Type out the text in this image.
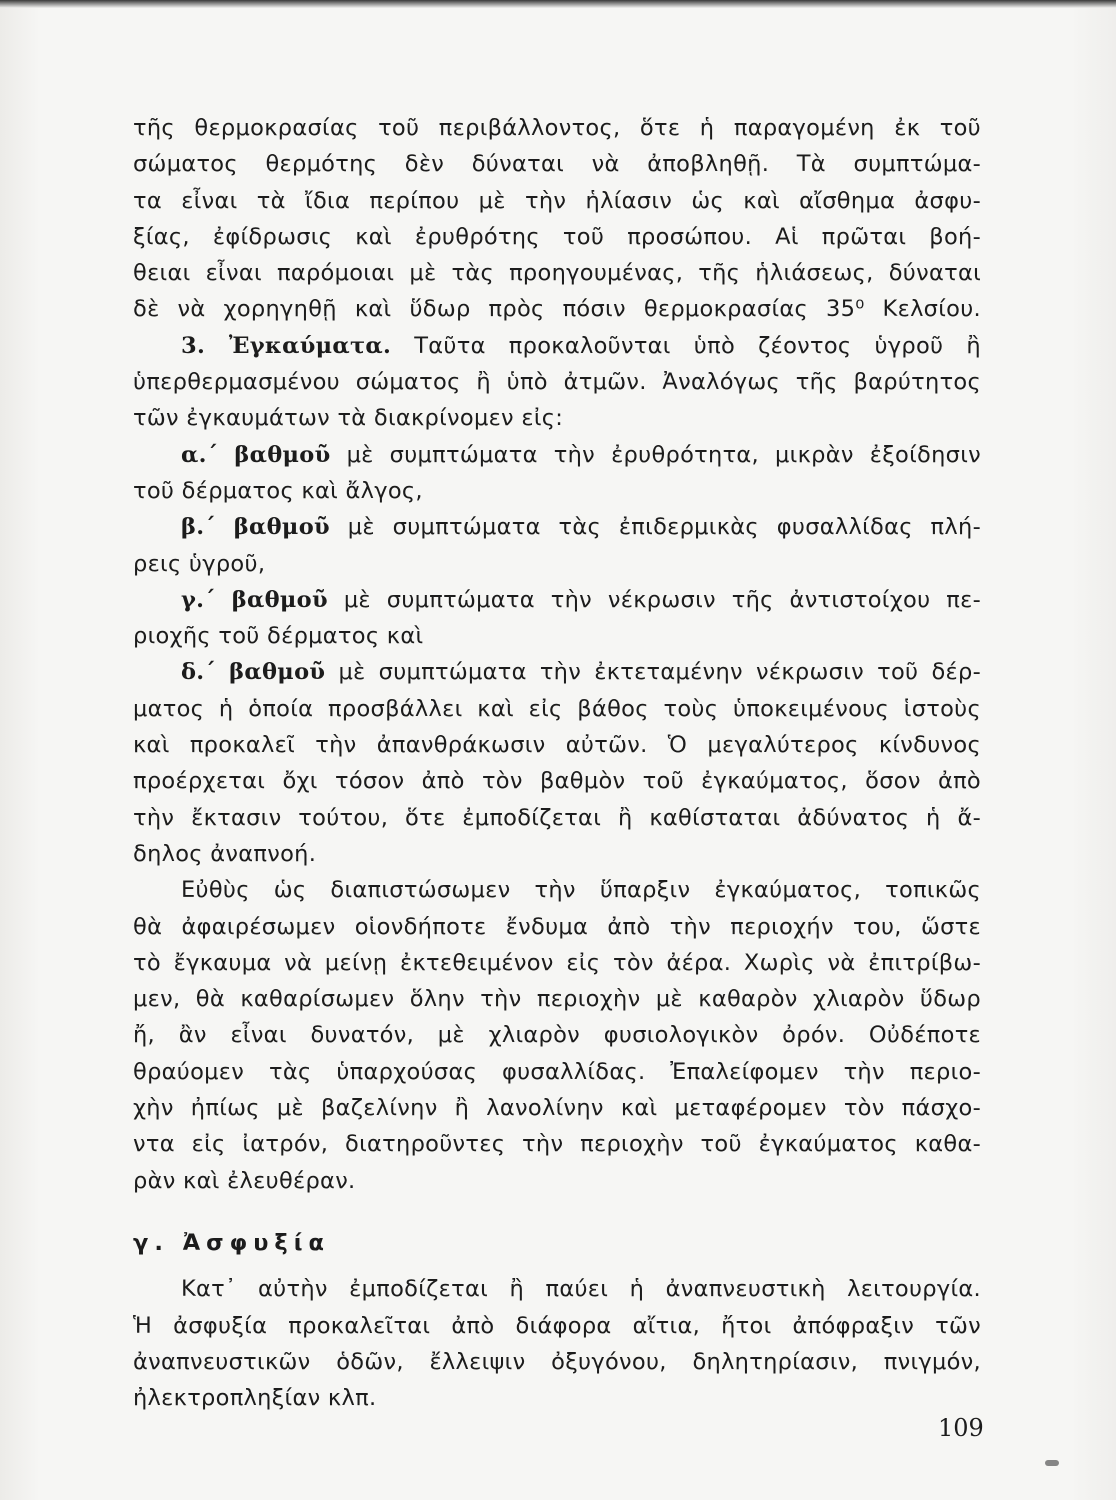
τῆς θερμοκρασίας τοῦ περιβάλλοντος, ὅτε ἡ παραγομένη ἐκ τοῦ
σώματος θερμότης δὲν δύναται νὰ ἀποβληθῇ. Τὰ συμπτώμα-
τα εἶναι τὰ ἴδια περίπου μὲ τὴν ἡλίασιν ὡς καὶ αἴσθημα ἀσφυ-
ξίας, ἐφίδρωσις καὶ ἐρυθρότης τοῦ προσώπου. Αἱ πρῶται βοή-
θειαι εἶναι παρόμοιαι μὲ τὰς προηγουμένας, τῆς ἡλιάσεως, δύναται
δὲ νὰ χορηγηθῇ καὶ ὕδωρ πρὸς πόσιν θερμοκρασίας 35⁰ Κελσίου.
3. Ἐγκαύματα. Ταῦτα προκαλοῦνται ὑπὸ ζέοντος ὑγροῦ ἢ
ὑπερθερμασμένου σώματος ἢ ὑπὸ ἀτμῶν. Ἀναλόγως τῆς βαρύτητος
τῶν ἐγκαυμάτων τὰ διακρίνομεν εἰς:
α.΄ βαθμοῦ μὲ συμπτώματα τὴν ἐρυθρότητα, μικρὰν ἐξοίδησιν
τοῦ δέρματος καὶ ἄλγος,
β.΄ βαθμοῦ μὲ συμπτώματα τὰς ἐπιδερμικὰς φυσαλλίδας πλή-
ρεις ὑγροῦ,
γ.΄ βαθμοῦ μὲ συμπτώματα τὴν νέκρωσιν τῆς ἀντιστοίχου πε-
ριοχῆς τοῦ δέρματος καὶ
δ.΄ βαθμοῦ μὲ συμπτώματα τὴν ἐκτεταμένην νέκρωσιν τοῦ δέρ-
ματος ἡ ὁποία προσβάλλει καὶ εἰς βάθος τοὺς ὑποκειμένους ἱστοὺς
καὶ προκαλεῖ τὴν ἀπανθράκωσιν αὐτῶν. Ὁ μεγαλύτερος κίνδυνος
προέρχεται ὄχι τόσον ἀπὸ τὸν βαθμὸν τοῦ ἐγκαύματος, ὅσον ἀπὸ
τὴν ἔκτασιν τούτου, ὅτε ἐμποδίζεται ἢ καθίσταται ἀδύνατος ἡ ἄ-
δηλος ἀναπνοή.
Εὐθὺς ὡς διαπιστώσωμεν τὴν ὕπαρξιν ἐγκαύματος, τοπικῶς
θὰ ἀφαιρέσωμεν οἱονδήποτε ἔνδυμα ἀπὸ τὴν περιοχήν του, ὥστε
τὸ ἔγκαυμα νὰ μείνῃ ἐκτεθειμένον εἰς τὸν ἀέρα. Χωρὶς νὰ ἐπιτρίβω-
μεν, θὰ καθαρίσωμεν ὅλην τὴν περιοχὴν μὲ καθαρὸν χλιαρὸν ὕδωρ
ἤ, ἂν εἶναι δυνατόν, μὲ χλιαρὸν φυσιολογικὸν ὀρόν. Οὐδέποτε
θραύομεν τὰς ὑπαρχούσας φυσαλλίδας. Ἐπαλείφομεν τὴν περιο-
χὴν ἠπίως μὲ βαζελίνην ἢ λανολίνην καὶ μεταφέρομεν τὸν πάσχο-
ντα εἰς ἰατρόν, διατηροῦντες τὴν περιοχὴν τοῦ ἐγκαύματος καθα-
ρὰν καὶ ἐλευθέραν.
γ. Ἀσφυξία
Κατ᾽ αὐτὴν ἐμποδίζεται ἢ παύει ἡ ἀναπνευστικὴ λειτουργία.
Ἡ ἀσφυξία προκαλεῖται ἀπὸ διάφορα αἴτια, ἤτοι ἀπόφραξιν τῶν
ἀναπνευστικῶν ὁδῶν, ἔλλειψιν ὀξυγόνου, δηλητηρίασιν, πνιγμόν,
ἠλεκτροπληξίαν κλπ.
109
